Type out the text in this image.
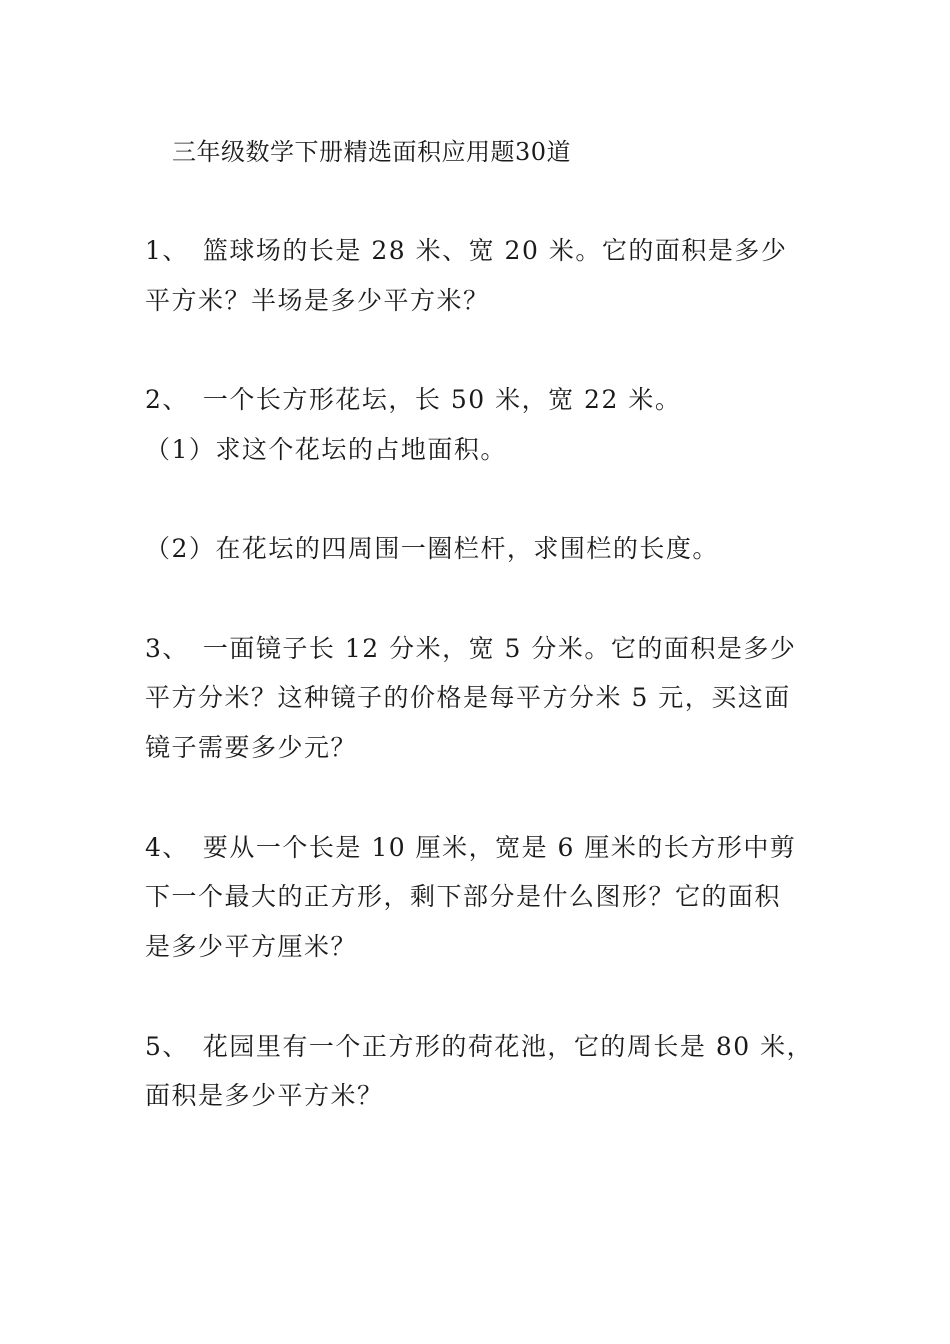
三年级数学下册精选面积应用题30道
1、　篮球场的长是 28 米、宽 20 米。它的面积是多少
平方米？半场是多少平方米？
2、　一个长方形花坛，长 50 米，宽 22 米。
（1）求这个花坛的占地面积。
（2）在花坛的四周围一圈栏杆，求围栏的长度。
3、　一面镜子长 12 分米，宽 5 分米。它的面积是多少
平方分米？这种镜子的价格是每平方分米 5 元，买这面
镜子需要多少元？
4、　要从一个长是 10 厘米，宽是 6 厘米的长方形中剪
下一个最大的正方形，剩下部分是什么图形？它的面积
是多少平方厘米？
5、　花园里有一个正方形的荷花池，它的周长是 80 米，
面积是多少平方米？
